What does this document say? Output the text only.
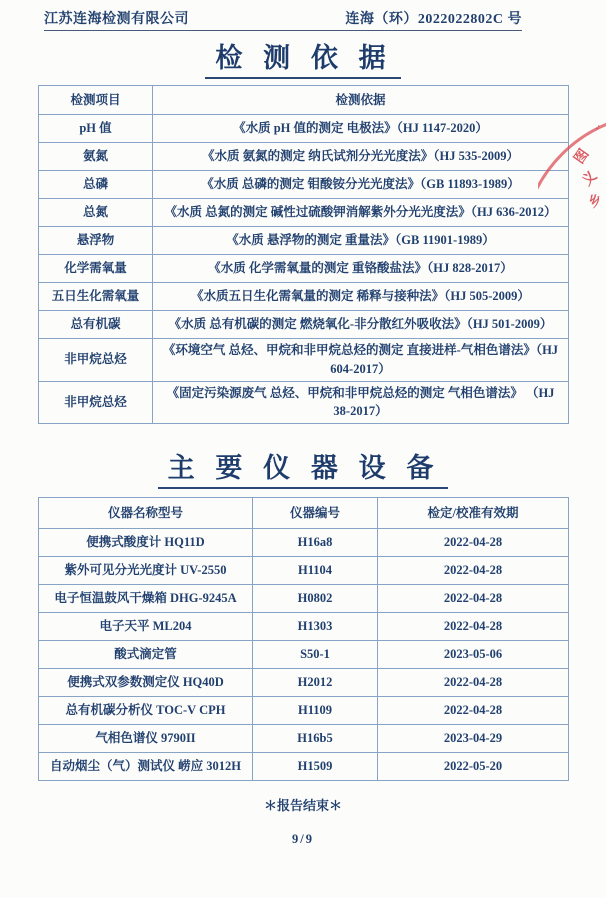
江苏连海检测有限公司	连海（环）2022022802C 号
检 测 依 据
检测项目	检测依据
pH 值	《水质 pH 值的测定 电极法》（HJ 1147-2020）
氨氮	《水质 氨氮的测定 纳氏试剂分光光度法》（HJ 535-2009）
总磷	《水质 总磷的测定 钼酸铵分光光度法》（GB 11893-1989）
总氮	《水质 总氮的测定 碱性过硫酸钾消解紫外分光光度法》（HJ 636-2012）
悬浮物	《水质 悬浮物的测定 重量法》（GB 11901-1989）
化学需氧量	《水质 化学需氧量的测定 重铬酸盐法》（HJ 828-2017）
五日生化需氧量	《水质五日生化需氧量的测定 稀释与接种法》（HJ 505-2009）
总有机碳	《水质 总有机碳的测定 燃烧氧化-非分散红外吸收法》（HJ 501-2009）
非甲烷总烃	《环境空气 总烃、甲烷和非甲烷总烃的测定 直接进样-气相色谱法》（HJ 604-2017）
非甲烷总烃	《固定污染源废气 总烃、甲烷和非甲烷总烃的测定 气相色谱法》 （HJ 38-2017）
主 要 仪 器 设 备
仪器名称型号	仪器编号	检定/校准有效期
便携式酸度计 HQ11D	H16a8	2022-04-28
紫外可见分光光度计 UV-2550	H1104	2022-04-28
电子恒温鼓风干燥箱 DHG-9245A	H0802	2022-04-28
电子天平 ML204	H1303	2022-04-28
酸式滴定管	S50-1	2023-05-06
便携式双参数测定仪 HQ40D	H2012	2022-04-28
总有机碳分析仪 TOC-V CPH	H1109	2022-04-28
气相色谱仪 9790II	H16b5	2023-04-29
自动烟尘（气）测试仪 崂应 3012H	H1509	2022-05-20
＊报告结束＊
9/9
··
图
义
乡
